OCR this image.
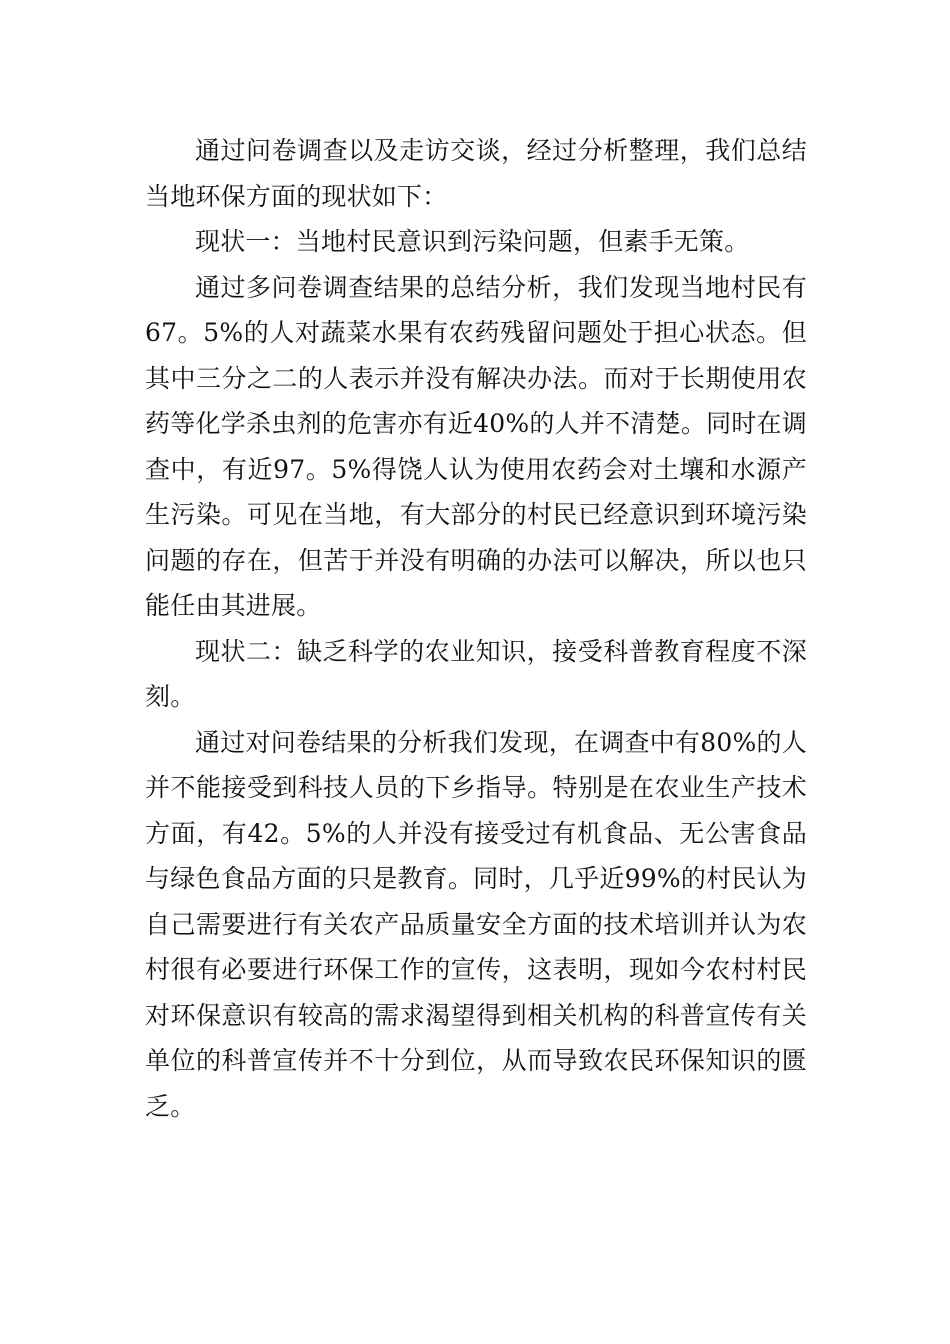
通过问卷调查以及走访交谈，经过分析整理，我们总结当地环保方面的现状如下：

现状一：当地村民意识到污染问题，但素手无策。

通过多问卷调查结果的总结分析，我们发现当地村民有67。5%的人对蔬菜水果有农药残留问题处于担心状态。但其中三分之二的人表示并没有解决办法。而对于长期使用农药等化学杀虫剂的危害亦有近40%的人并不清楚。同时在调查中，有近97。5%得饶人认为使用农药会对土壤和水源产生污染。可见在当地，有大部分的村民已经意识到环境污染问题的存在，但苦于并没有明确的办法可以解决，所以也只能任由其进展。

现状二：缺乏科学的农业知识，接受科普教育程度不深刻。

通过对问卷结果的分析我们发现，在调查中有80%的人并不能接受到科技人员的下乡指导。特别是在农业生产技术方面，有42。5%的人并没有接受过有机食品、无公害食品与绿色食品方面的只是教育。同时，几乎近99%的村民认为自己需要进行有关农产品质量安全方面的技术培训并认为农村很有必要进行环保工作的宣传，这表明，现如今农村村民对环保意识有较高的需求渴望得到相关机构的科普宣传有关单位的科普宣传并不十分到位，从而导致农民环保知识的匮乏。
